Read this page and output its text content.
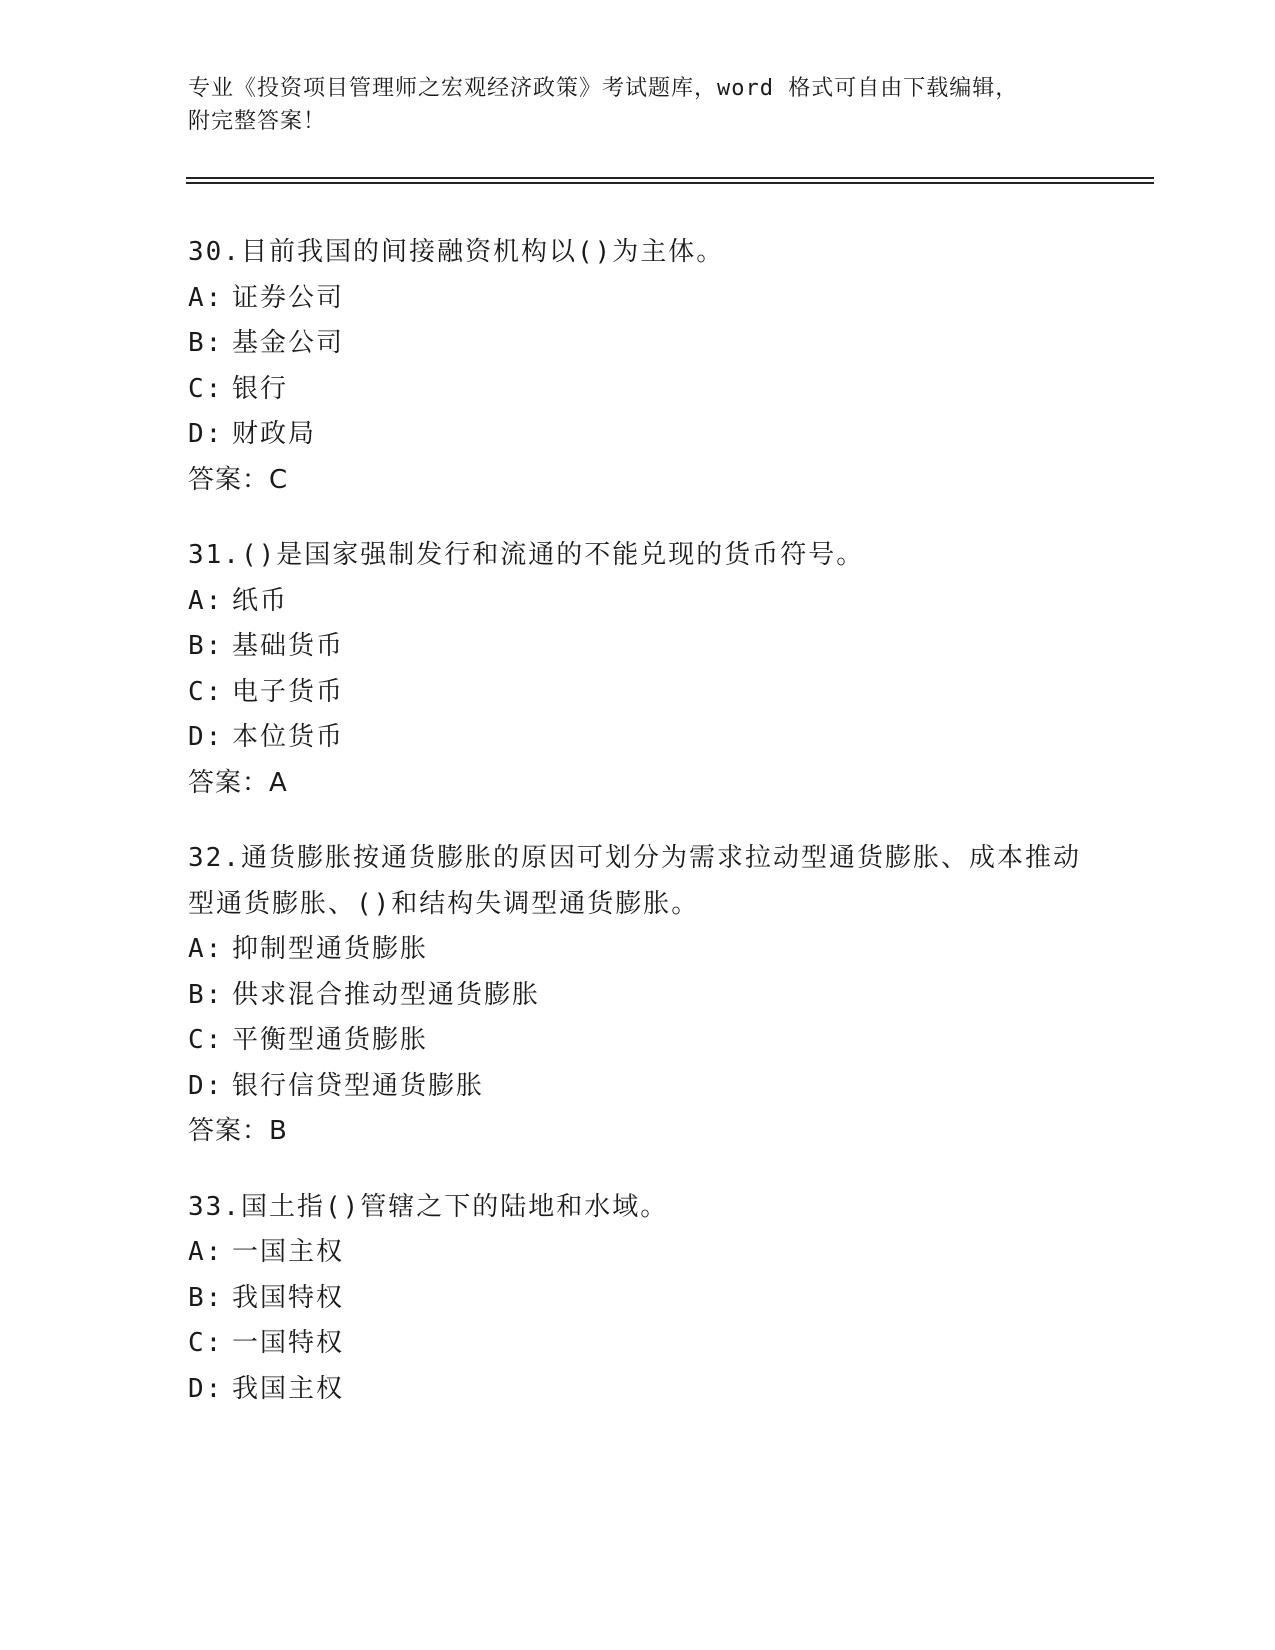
专业《投资项目管理师之宏观经济政策》考试题库，word 格式可自由下载编辑，
附完整答案！
30.目前我国的间接融资机构以()为主体。
A: 证券公司
B: 基金公司
C: 银行
D: 财政局
答案：C
31.()是国家强制发行和流通的不能兑现的货币符号。
A: 纸币
B: 基础货币
C: 电子货币
D: 本位货币
答案：A
32.通货膨胀按通货膨胀的原因可划分为需求拉动型通货膨胀、成本推动型通货膨胀、()和结构失调型通货膨胀。
A: 抑制型通货膨胀
B: 供求混合推动型通货膨胀
C: 平衡型通货膨胀
D: 银行信贷型通货膨胀
答案：B
33.国土指()管辖之下的陆地和水域。
A: 一国主权
B: 我国特权
C: 一国特权
D: 我国主权
